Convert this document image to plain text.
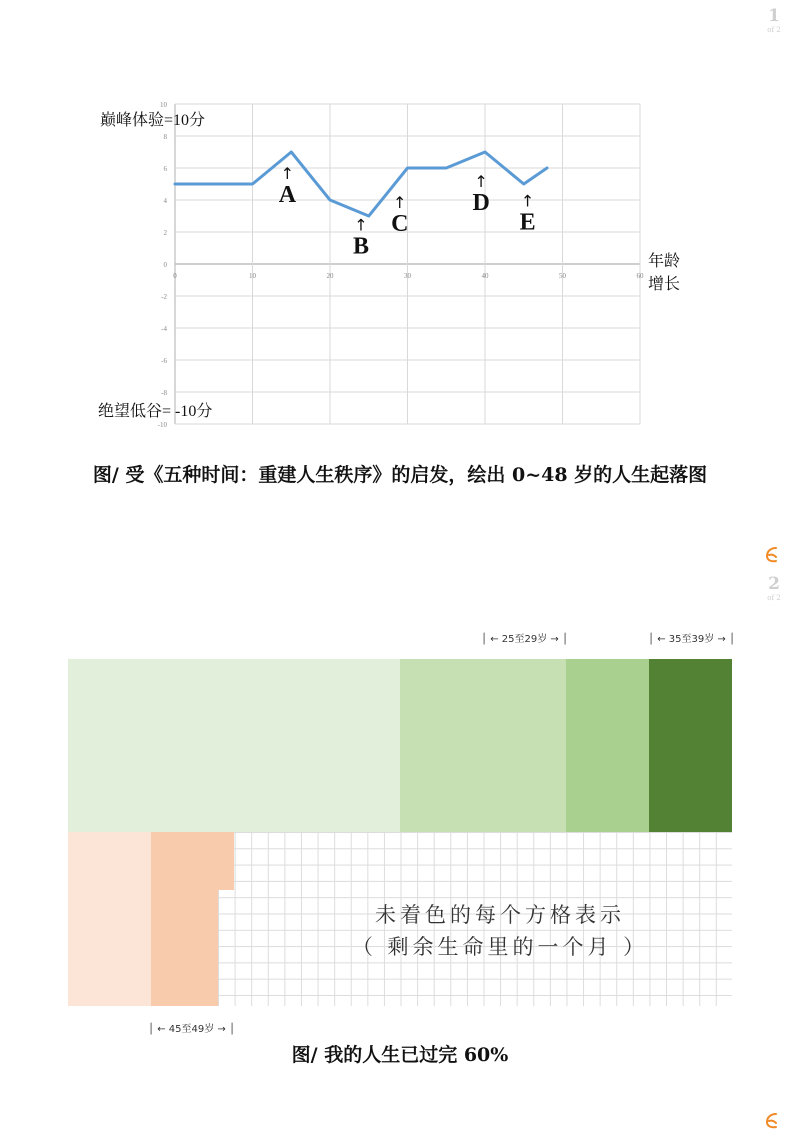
1
of 2
· · ·
2
of 2
· · ·
-10
-8
-6
-4
-2
0
2
4
6
8
10
0	10	20	30	40	50	60
↑
A
↑
B
↑
C
↑
D ↑
E
巅峰体验=10分
绝望低谷= -10分
年龄
增长
图/ 受《五种时间：重建人生秩序》的启发，绘出 0~48 岁的人生起落图
│ ← 25至29岁 → │	│ ← 35至39岁 → │
未着色的每个方格表示
（ 剩余生命里的一个月 ）
│ ← 45至49岁 → │
图/ 我的人生已过完 60%
